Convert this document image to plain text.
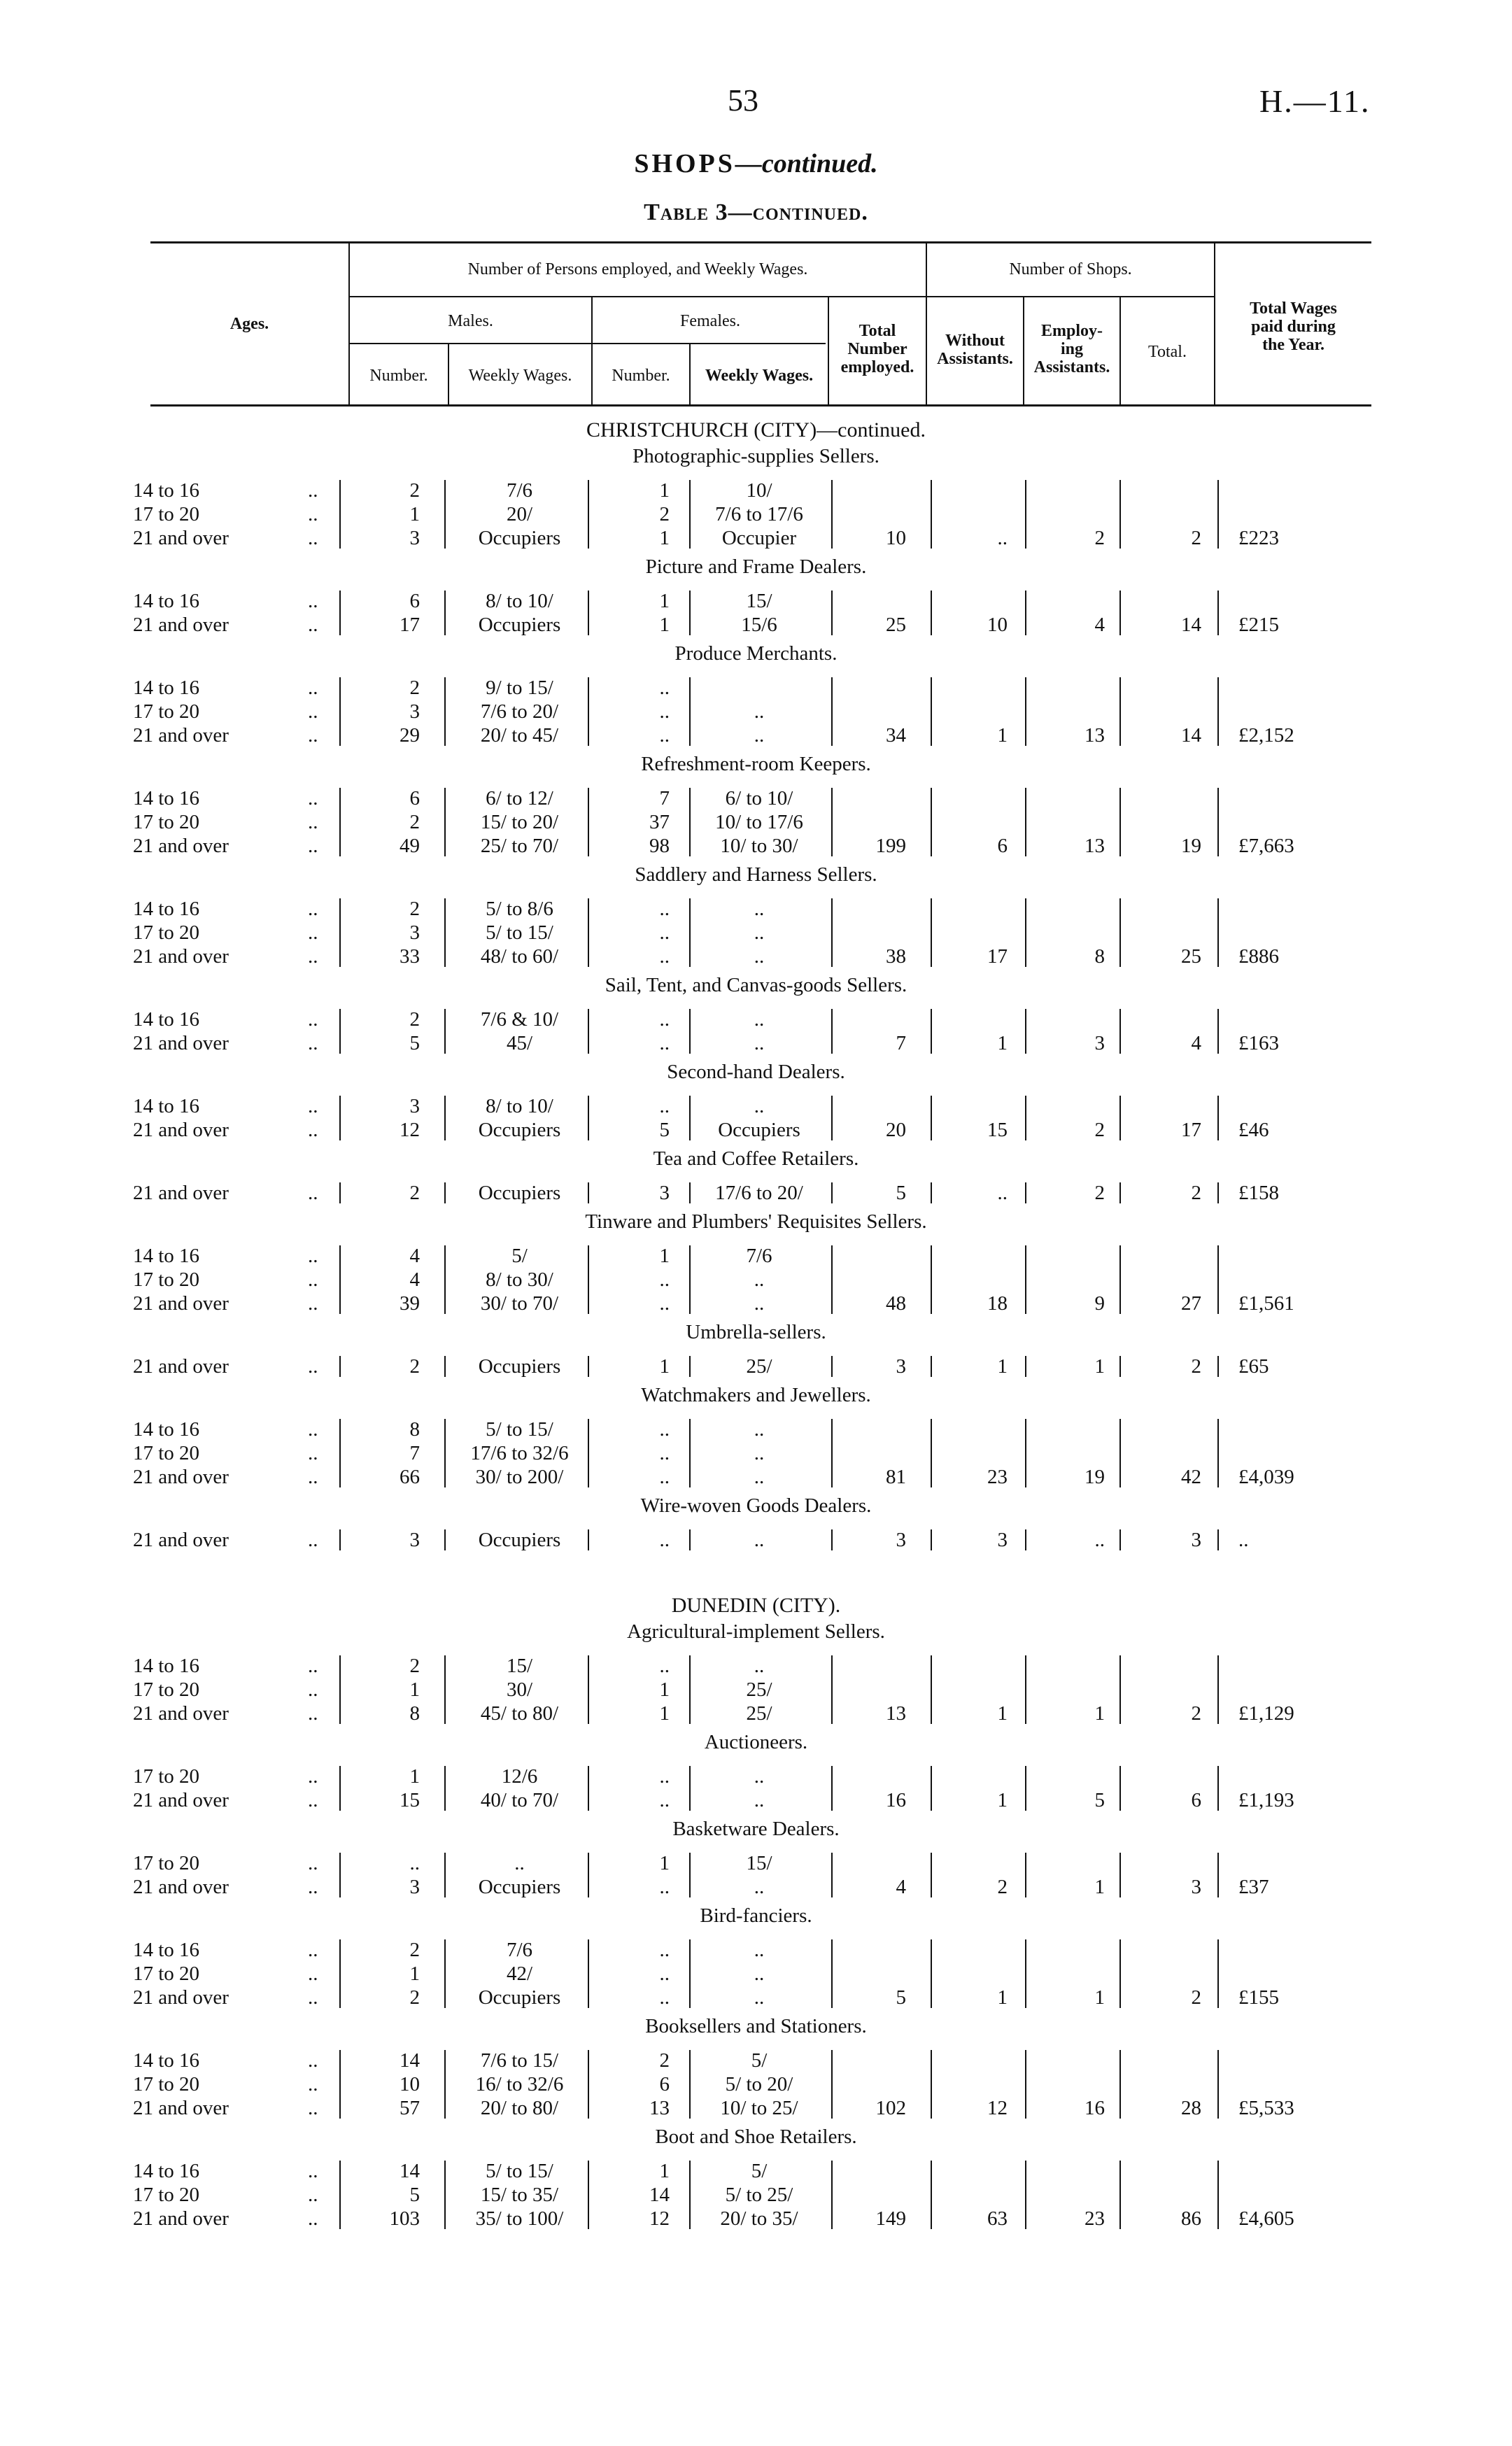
53	H.—11.
SHOPS—continued.
Table 3—continued.
Ages.
Number of Persons employed, and Weekly Wages.
Males.	Females.
Number.	Weekly Wages.	Number.	Weekly Wages.
Total
Number
employed.
Number of Shops.
Without
Assistants.
Employ-
ing
Assistants.
Total.
Total Wages
paid during
the Year.
CHRISTCHURCH (CITY)—continued.
Photographic-supplies Sellers.
14 to 16	..	2	7/6	1	10/
17 to 20	..	1	20/	2	7/6 to 17/6
21 and over	..	3	Occupiers	1	Occupier	10	..	2	2 £223
Picture and Frame Dealers.
14 to 16	..	6	8/ to 10/	1	15/
21 and over	..	17	Occupiers	1	15/6	25	10	4	14 £215
Produce Merchants.
14 to 16	..	2	9/ to 15/	..
17 to 20	..	3	7/6 to 20/	..	..
21 and over	..	29	20/ to 45/	..	..	34	1	13	14 £2,152
Refreshment-room Keepers.
14 to 16	..	6	6/ to 12/	7	6/ to 10/
17 to 20	..	2	15/ to 20/	37	10/ to 17/6
21 and over	..	49	25/ to 70/	98	10/ to 30/	199	6	13	19 £7,663
Saddlery and Harness Sellers.
14 to 16	..	2	5/ to 8/6	..	..
17 to 20	..	3	5/ to 15/	..	..
21 and over	..	33	48/ to 60/	..	..	38	17	8	25 £886
Sail, Tent, and Canvas-goods Sellers.
14 to 16	..	2	7/6 & 10/	..	..
21 and over	..	5	45/	..	..	7	1	3	4 £163
Second-hand Dealers.
14 to 16	..	3	8/ to 10/	..	..
21 and over	..	12	Occupiers	5	Occupiers	20	15	2	17 £46
Tea and Coffee Retailers.
21 and over	..	2	Occupiers	3	17/6 to 20/	5	..	2	2 £158
Tinware and Plumbers' Requisites Sellers.
14 to 16	..	4	5/	1	7/6
17 to 20	..	4	8/ to 30/	..	..
21 and over	..	39	30/ to 70/	..	..	48	18	9	27 £1,561
Umbrella-sellers.
21 and over	..	2	Occupiers	1	25/	3	1	1	2 £65
Watchmakers and Jewellers.
14 to 16	..	8	5/ to 15/	..	..
17 to 20	..	7	17/6 to 32/6	..	..
21 and over	..	66	30/ to 200/	..	..	81	23	19	42 £4,039
Wire-woven Goods Dealers.
21 and over	..	3	Occupiers	..	..	3	3	..	3 ..
DUNEDIN (CITY).
Agricultural-implement Sellers.
14 to 16	..	2	15/	..	..
17 to 20	..	1	30/	1	25/
21 and over	..	8	45/ to 80/	1	25/	13	1	1	2 £1,129
Auctioneers.
17 to 20	..	1	12/6	..	..
21 and over	..	15	40/ to 70/	..	..	16	1	5	6 £1,193
Basketware Dealers.
17 to 20	..	..	..	1	15/
21 and over	..	3	Occupiers	..	..	4	2	1	3 £37
Bird-fanciers.
14 to 16	..	2	7/6	..	..
17 to 20	..	1	42/	..	..
21 and over	..	2	Occupiers	..	..	5	1	1	2 £155
Booksellers and Stationers.
14 to 16	..	14	7/6 to 15/	2	5/
17 to 20	..	10	16/ to 32/6	6	5/ to 20/
21 and over	..	57	20/ to 80/	13	10/ to 25/	102	12	16	28 £5,533
Boot and Shoe Retailers.
14 to 16	..	14	5/ to 15/	1	5/
17 to 20	..	5	15/ to 35/	14	5/ to 25/
21 and over	..	103	35/ to 100/	12	20/ to 35/	149	63	23	86 £4,605
